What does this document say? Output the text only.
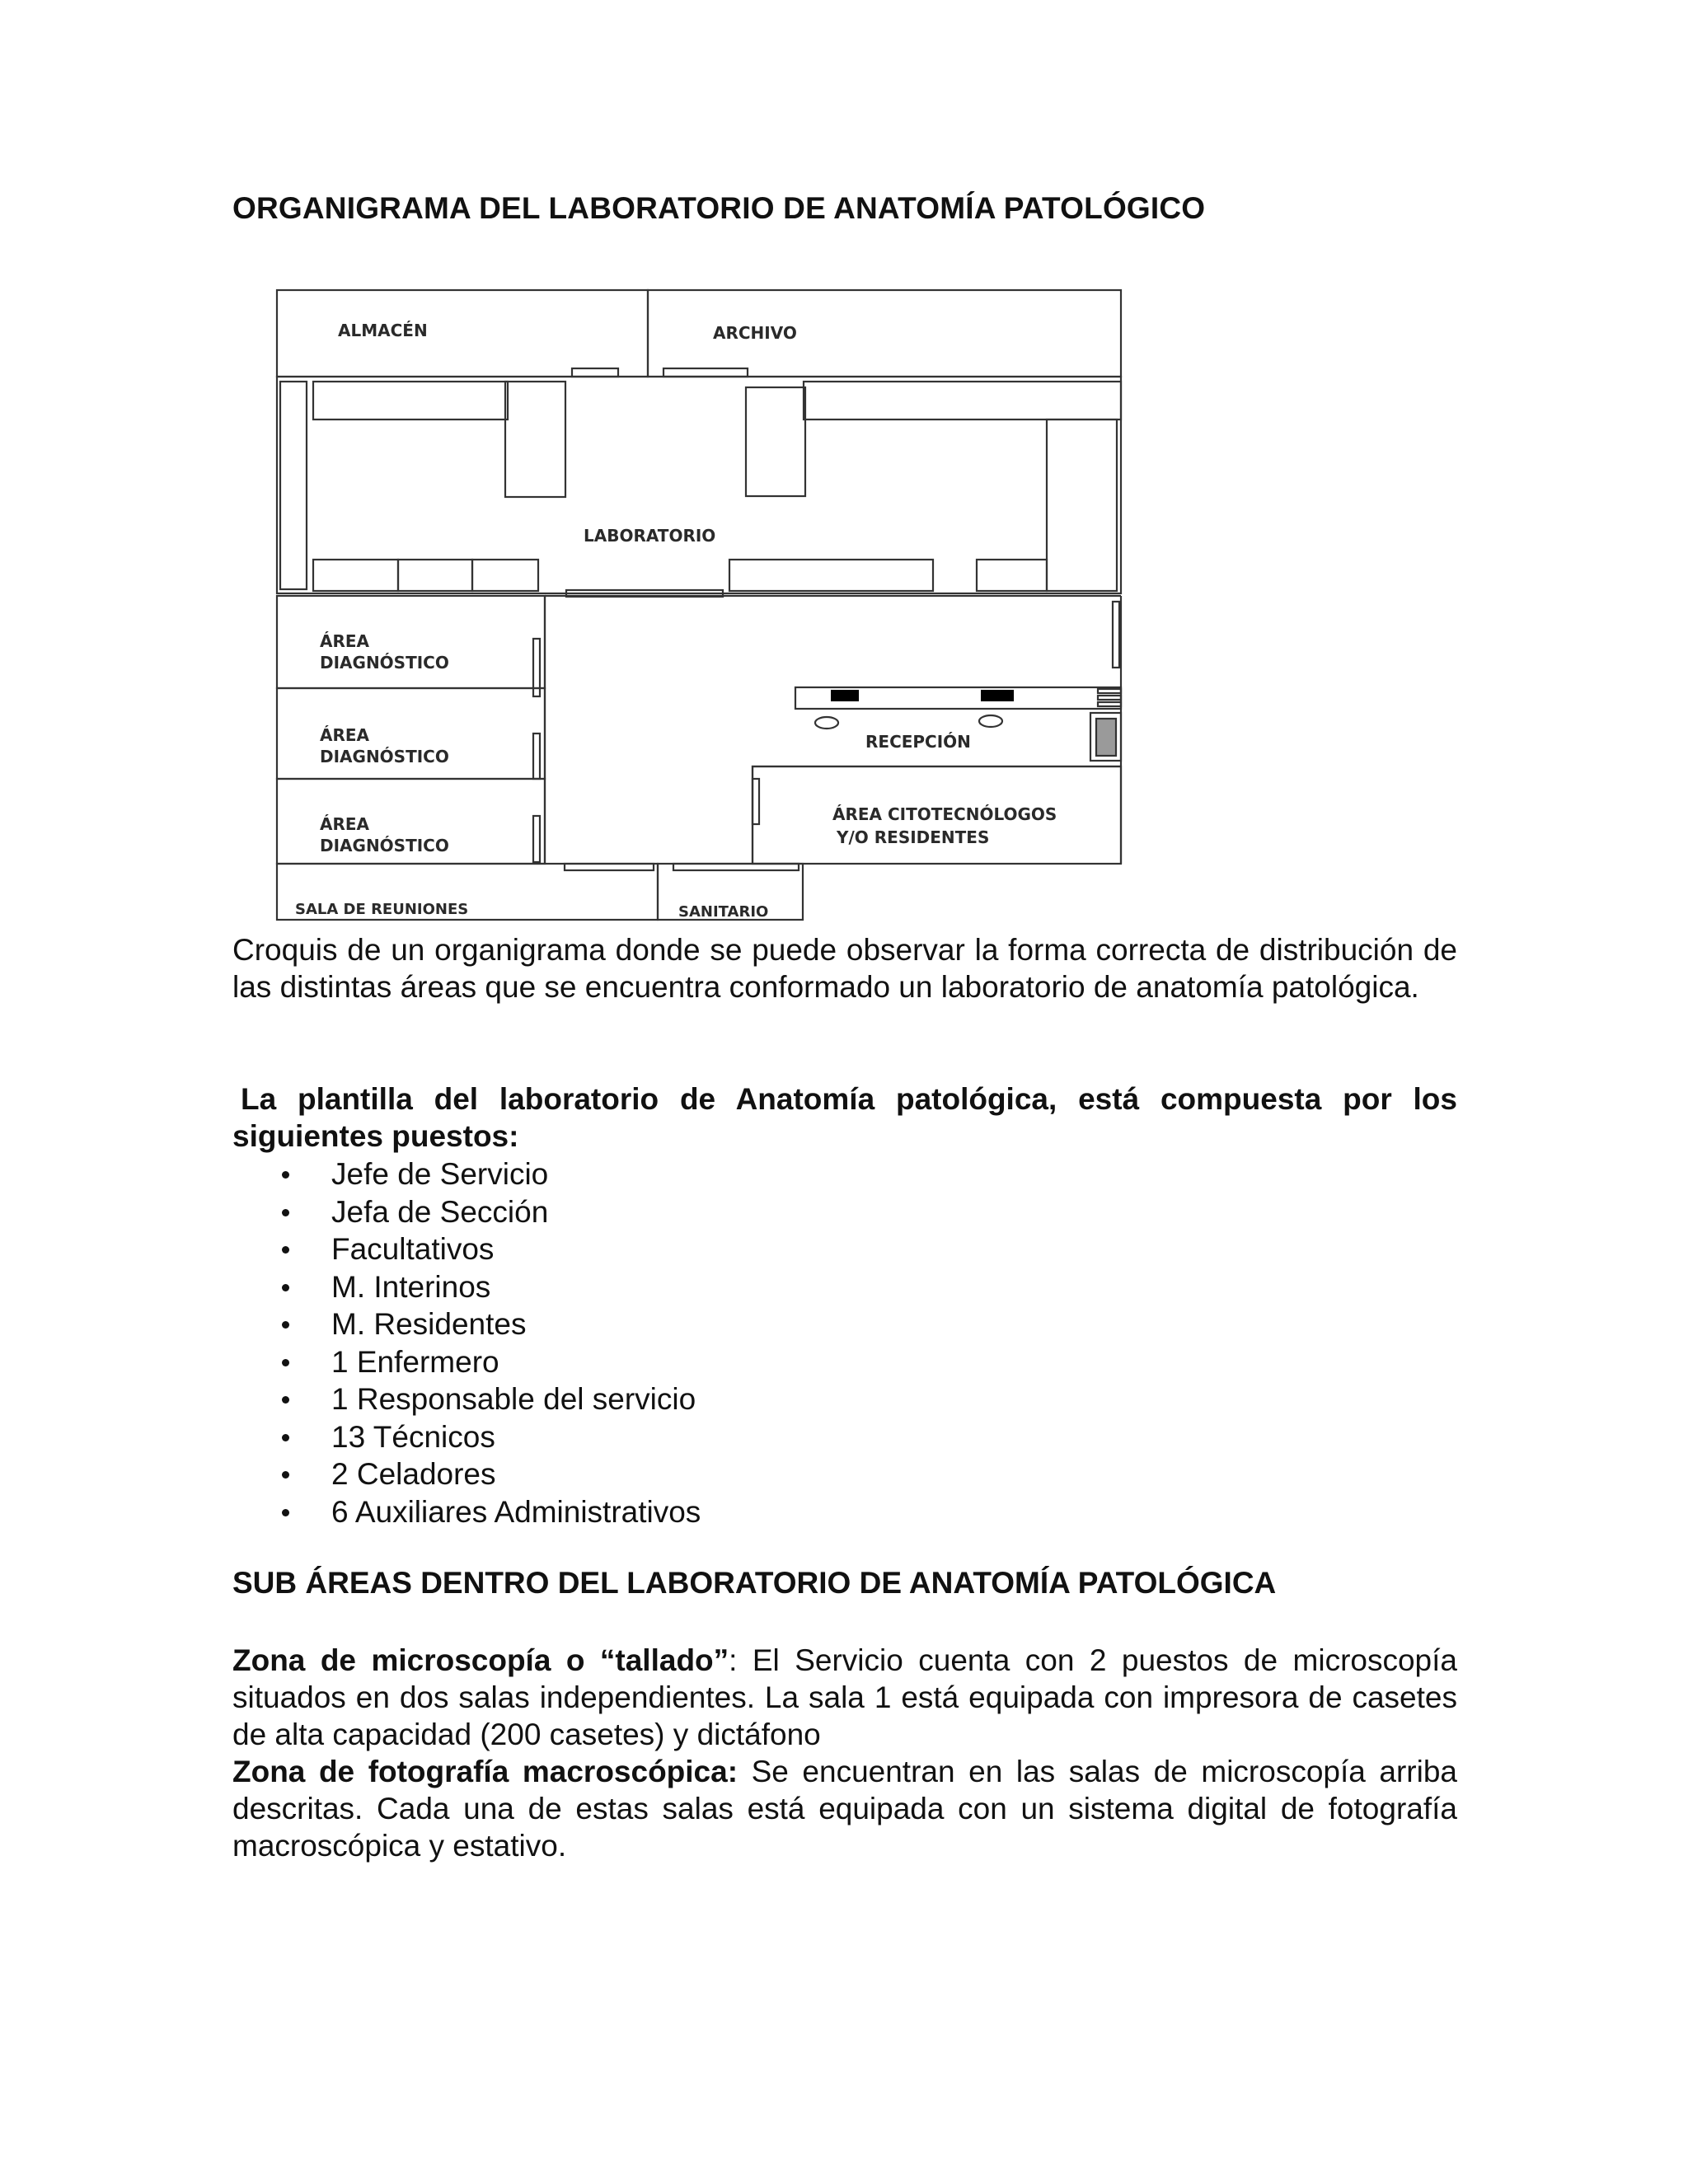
ORGANIGRAMA DEL LABORATORIO DE ANATOMÍA PATOLÓGICO
ALMACÉN	ARCHIVO
LABORATORIO
ÁREA
DIAGNÓSTICO
ÁREA
DIAGNÓSTICO
ÁREA
DIAGNÓSTICO
RECEPCIÓN
ÁREA CITOTECNÓLOGOS
Y/O RESIDENTES
SALA DE REUNIONES	SANITARIO

Croquis de un organigrama donde se puede observar la forma correcta de distribución de las distintas áreas que se encuentra conformado un laboratorio de anatomía patológica.

La plantilla del laboratorio de Anatomía patológica, está compuesta por los siguientes puestos:

Jefe de Servicio
Jefa de Sección
Facultativos
M. Interinos
M. Residentes
1 Enfermero
1 Responsable del servicio
13 Técnicos
2 Celadores
6 Auxiliares Administrativos
SUB ÁREAS DENTRO DEL LABORATORIO DE ANATOMÍA PATOLÓGICA

Zona de microscopía o “tallado”: El Servicio cuenta con 2 puestos de microscopía situados en dos salas independientes. La sala 1 está equipada con impresora de casetes de alta capacidad (200 casetes) y dictáfono

Zona de fotografía macroscópica: Se encuentran en las salas de microscopía arriba descritas. Cada una de estas salas está equipada con un sistema digital de fotografía macroscópica y estativo.
